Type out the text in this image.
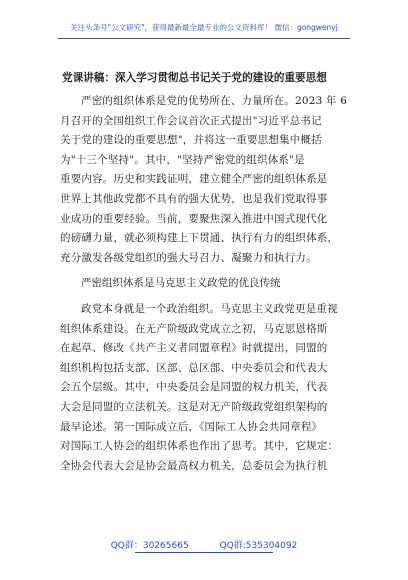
关注头条号"公文研究"，获得最新最全最专业的公文资料库！ 微信：gongwenyj
党课讲稿：深入学习贯彻总书记关于党的建设的重要思想
严密的组织体系是党的优势所在、力量所在。2023 年 6
月召开的全国组织工作会议首次正式提出"习近平总书记
关于党的建设的重要思想"，并将这一重要思想集中概括
为"十三个坚持"。其中，"坚持严密党的组织体系"是
重要内容。历史和实践证明，建立健全严密的组织体系是
世界上其他政党都不具有的强大优势，也是我们党取得事
业成功的重要经验。当前，要聚焦深入推进中国式现代化
的磅礴力量，就必须构建上下贯通、执行有力的组织体系，
充分激发各级党组织的强大号召力、凝聚力和执行力。
严密组织体系是马克思主义政党的优良传统
政党本身就是一个政治组织。马克思主义政党更是重视
组织体系建设。在无产阶级政党成立之初，马克思恩格斯
在起草、修改《共产主义者同盟章程》时就提出，同盟的
组织机构包括支部、区部、总区部、中央委员会和代表大
会五个层级。其中，中央委员会是同盟的权力机关，代表
大会是同盟的立法机关。这是对无产阶级政党组织架构的
最早论述。第一国际成立后，《国际工人协会共同章程》
对国际工人协会的组织体系也作出了思考。其中，它规定：
全协会代表大会是协会最高权力机关，总委员会为执行机
QQ群：30265665	QQ群:535304092
